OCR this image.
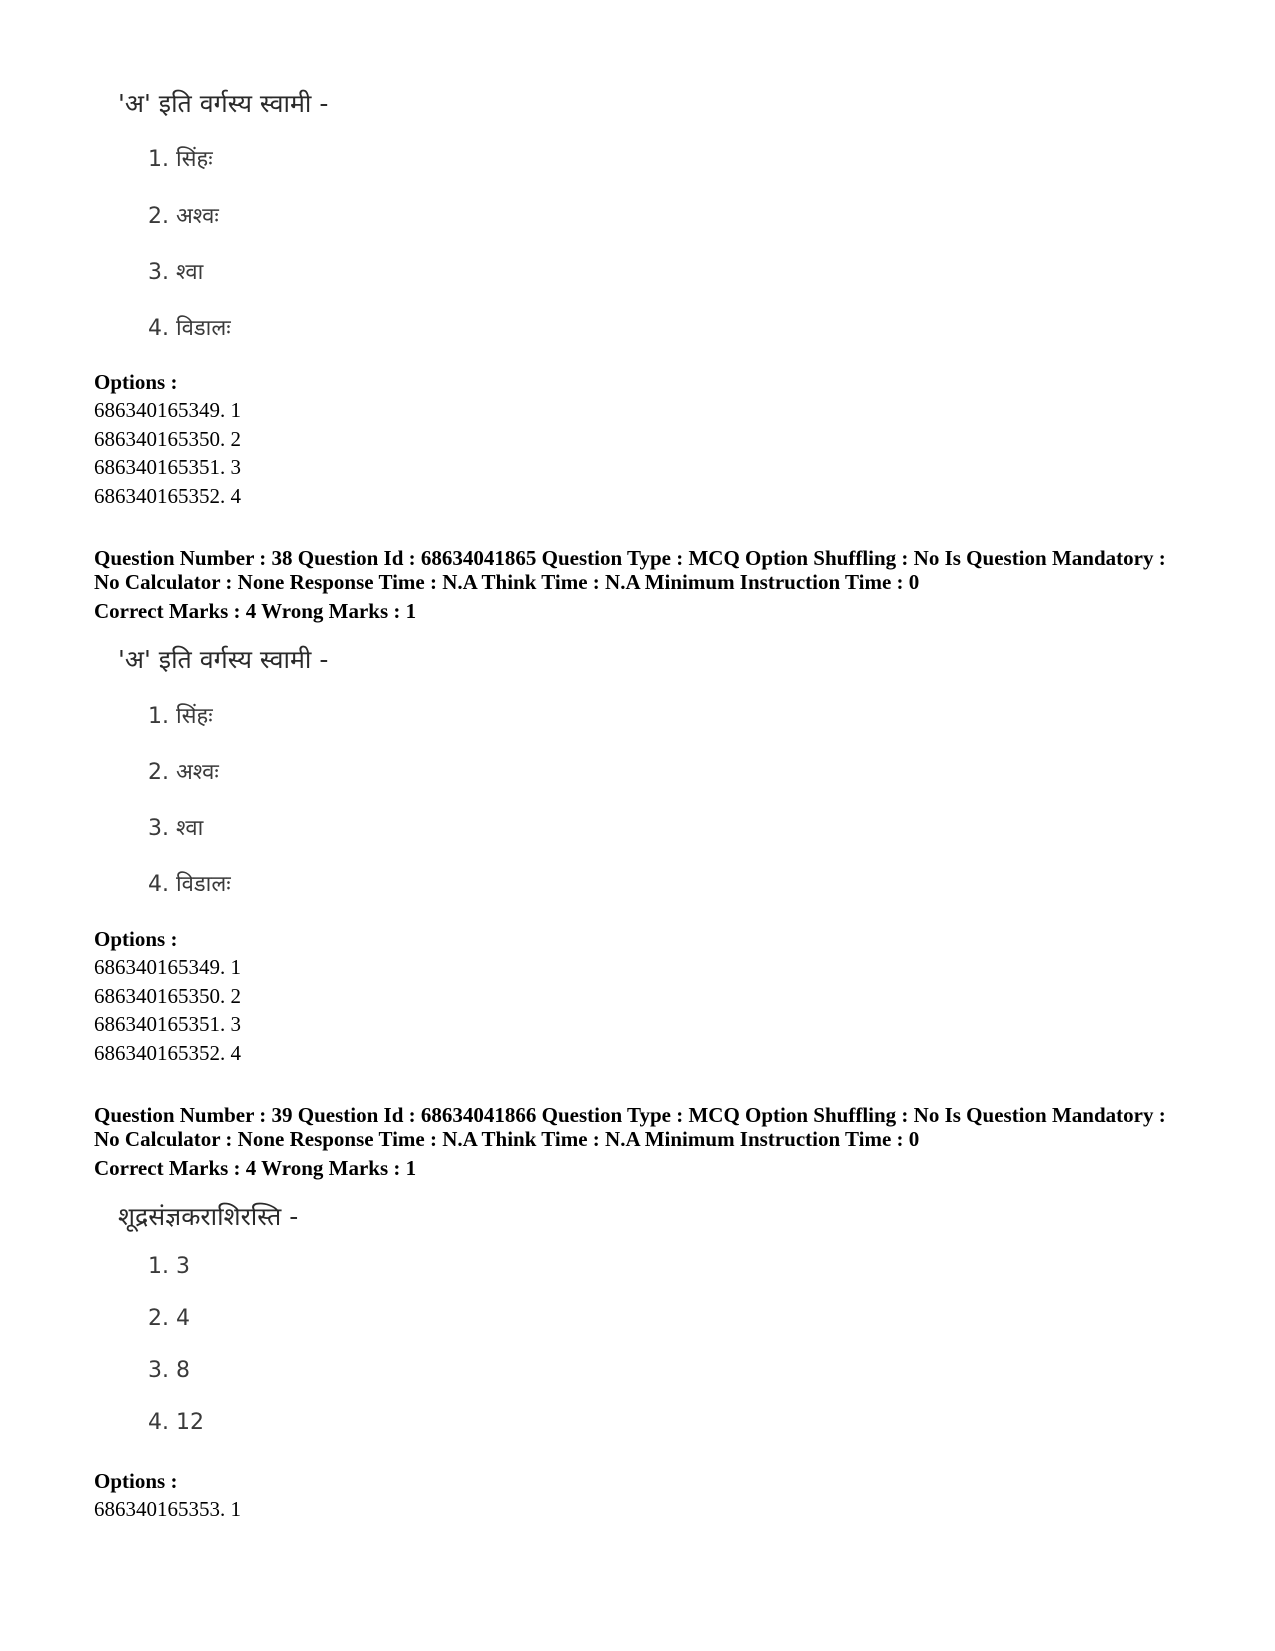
'अ' इति वर्गस्य स्वामी -

1. सिंहः

2. अश्वः

3. श्वा

4. विडालः

Options :

686340165349. 1

686340165350. 2

686340165351. 3

686340165352. 4

Question Number : 38 Question Id : 68634041865 Question Type : MCQ Option Shuffling : No Is Question Mandatory :

No Calculator : None Response Time : N.A Think Time : N.A Minimum Instruction Time : 0

Correct Marks : 4 Wrong Marks : 1

'अ' इति वर्गस्य स्वामी -

1. सिंहः

2. अश्वः

3. श्वा

4. विडालः

Options :

686340165349. 1

686340165350. 2

686340165351. 3

686340165352. 4

Question Number : 39 Question Id : 68634041866 Question Type : MCQ Option Shuffling : No Is Question Mandatory :

No Calculator : None Response Time : N.A Think Time : N.A Minimum Instruction Time : 0

Correct Marks : 4 Wrong Marks : 1

शूद्रसंज्ञकराशिरस्ति -

1. 3

2. 4

3. 8

4. 12

Options :

686340165353. 1
